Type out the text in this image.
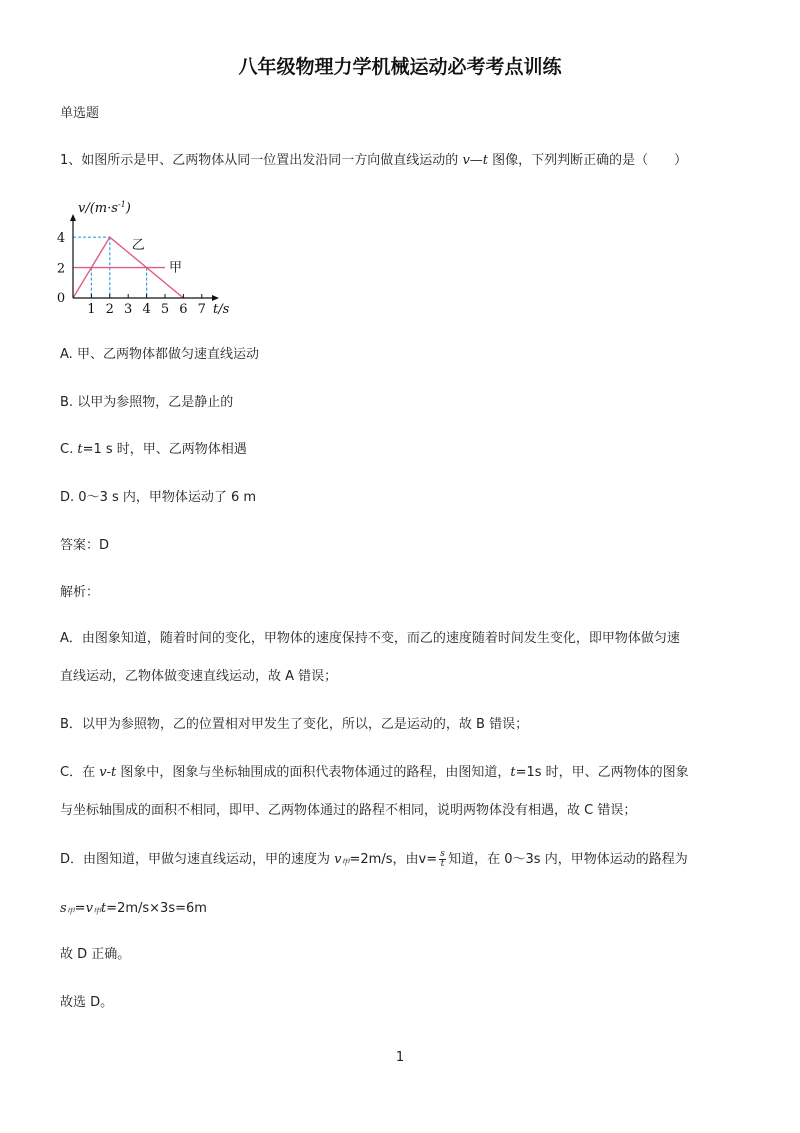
八年级物理力学机械运动必考考点训练
单选题
1、如图所示是甲、乙两物体从同一位置出发沿同一方向做直线运动的 v—t 图像，下列判断正确的是（　　）
1 2 3 4 5 6 7
2
4
0
$v/(m\cdot s^{-1})$
t/s
甲
乙
A. 甲、乙两物体都做匀速直线运动
B. 以甲为参照物，乙是静止的
C. t=1 s 时，甲、乙两物体相遇
D. 0～3 s 内，甲物体运动了 6 m
答案：D
解析：
A．由图象知道，随着时间的变化，甲物体的速度保持不变，而乙的速度随着时间发生变化，即甲物体做匀速
直线运动，乙物体做变速直线运动，故 A 错误；
B．以甲为参照物，乙的位置相对甲发生了变化，所以，乙是运动的，故 B 错误；
C．在 v-t 图象中，图象与坐标轴围成的面积代表物体通过的路程，由图知道，t=1s 时，甲、乙两物体的图象
与坐标轴围成的面积不相同，即甲、乙两物体通过的路程不相同，说明两物体没有相遇，故 C 错误；
D．由图知道，甲做匀速直线运动，甲的速度为 $v_甲=2m/s$，由$v= \frac{s}{t}$ 知道，在 0～3s 内，甲物体运动的路程为
$s_甲=v_甲t=2m/s\times 3s=6m$
故 D 正确。
故选 D。
1
